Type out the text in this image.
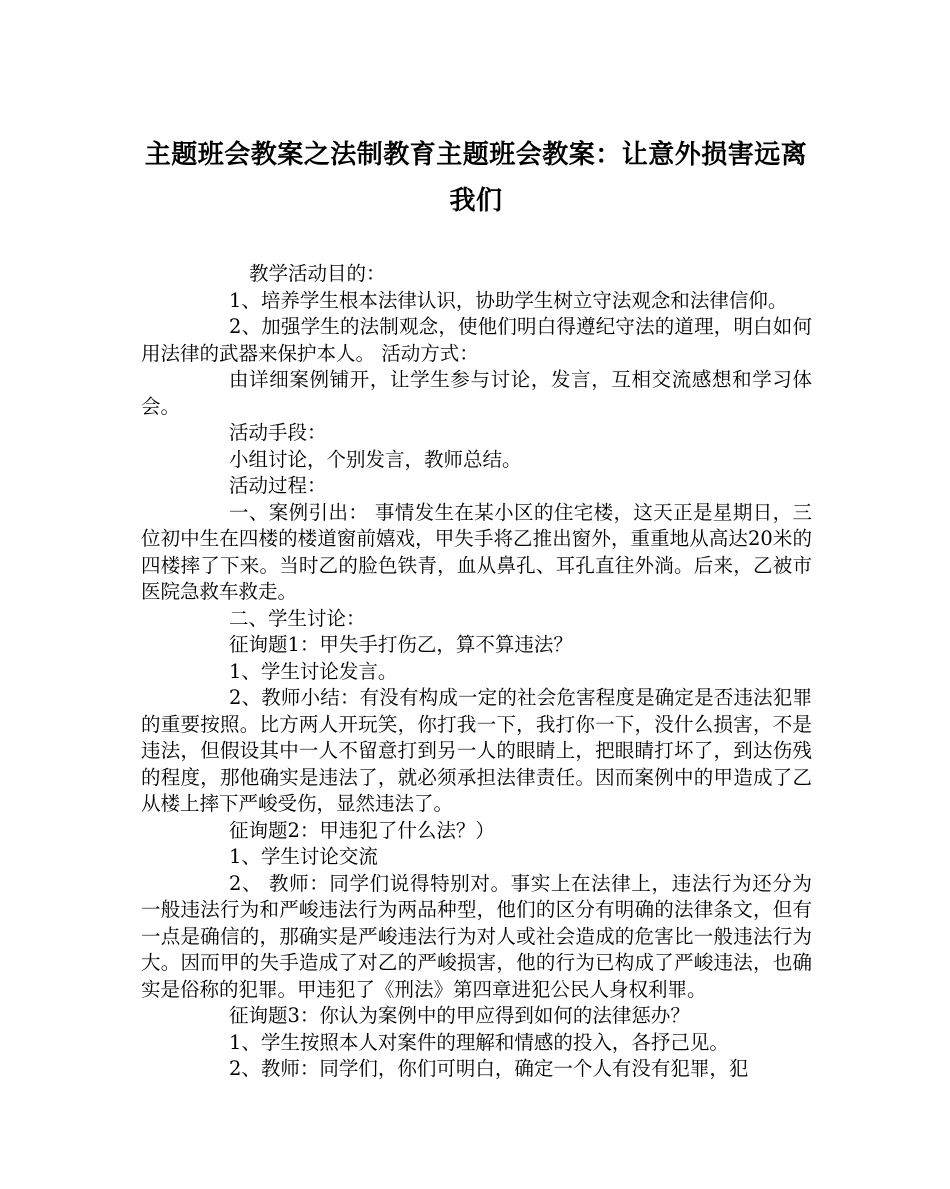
主题班会教案之法制教育主题班会教案：让意外损害远离我们

教学活动目的：

1、培养学生根本法律认识，协助学生树立守法观念和法律信仰。

2、加强学生的法制观念，使他们明白得遵纪守法的道理，明白如何用法律的武器来保护本人。 活动方式：

由详细案例铺开，让学生参与讨论，发言，互相交流感想和学习体会。

活动手段：

小组讨论，个别发言，教师总结。

活动过程：

一、案例引出： 事情发生在某小区的住宅楼，这天正是星期日，三位初中生在四楼的楼道窗前嬉戏，甲失手将乙推出窗外，重重地从高达20米的四楼摔了下来。当时乙的脸色铁青，血从鼻孔、耳孔直往外淌。后来，乙被市医院急救车救走。

二、学生讨论：

征询题1：甲失手打伤乙，算不算违法？

1、学生讨论发言。

2、教师小结：有没有构成一定的社会危害程度是确定是否违法犯罪的重要按照。比方两人开玩笑，你打我一下，我打你一下，没什么损害，不是违法，但假设其中一人不留意打到另一人的眼睛上，把眼睛打坏了，到达伤残的程度，那他确实是违法了，就必须承担法律责任。因而案例中的甲造成了乙从楼上摔下严峻受伤，显然违法了。

征询题2：甲违犯了什么法？）

1、学生讨论交流

2、 教师：同学们说得特别对。事实上在法律上，违法行为还分为一般违法行为和严峻违法行为两品种型，他们的区分有明确的法律条文，但有一点是确信的，那确实是严峻违法行为对人或社会造成的危害比一般违法行为大。因而甲的失手造成了对乙的严峻损害，他的行为已构成了严峻违法，也确实是俗称的犯罪。甲违犯了《刑法》第四章进犯公民人身权利罪。

征询题3：你认为案例中的甲应得到如何的法律惩办？

1、学生按照本人对案件的理解和情感的投入，各抒己见。

2、教师：同学们，你们可明白，确定一个人有没有犯罪，犯
